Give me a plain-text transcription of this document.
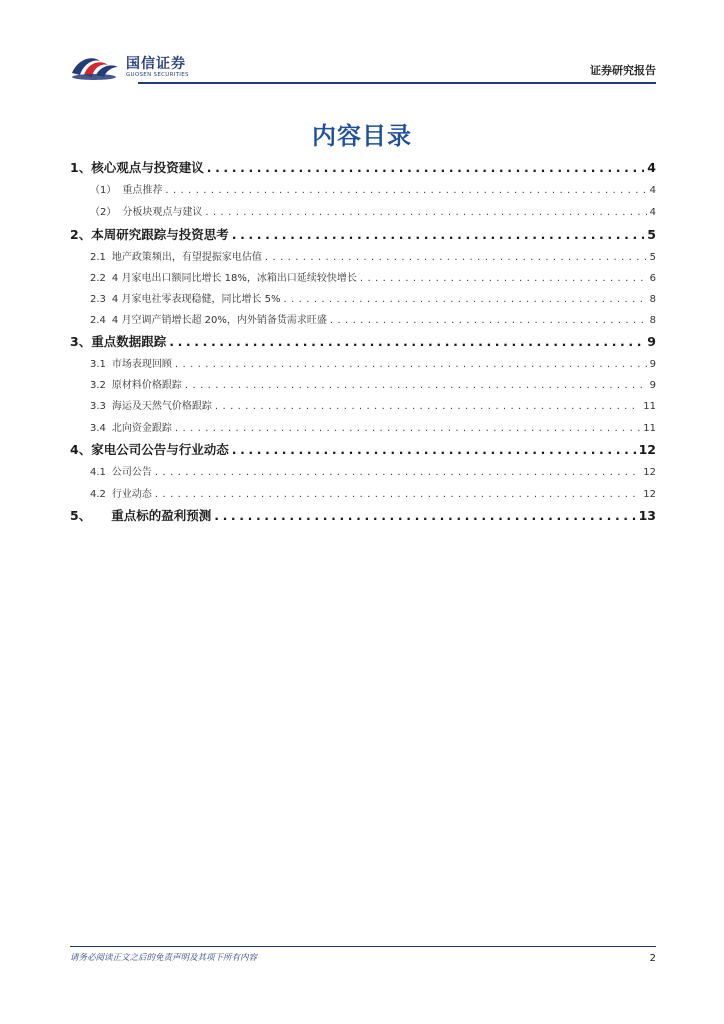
国信证券
GUOSEN SECURITIES	证券研究报告
内容目录
1、 核心观点与投资建议 .....	4
（1） 重点推荐 .....	4
（2） 分板块观点与建议 .....	4
2、 本周研究跟踪与投资思考 .....	5
2.1 地产政策频出，有望提振家电估值 .....	5
2.2 4 月家电出口额同比增长 18%，冰箱出口延续较快增长 .....	6
2.3 4 月家电社零表现稳健，同比增长 5% .....	8
2.4 4 月空调产销增长超 20%，内外销备货需求旺盛 .....	8
3、 重点数据跟踪 .....	9
3.1 市场表现回顾 .....	9
3.2 原材料价格跟踪 .....	9
3.3 海运及天然气价格跟踪 .....	11
3.4 北向资金跟踪 .....	11
4、 家电公司公告与行业动态 .....	12
4.1 公司公告 .....	12
4.2 行业动态 .....	12
5、 重点标的盈利预测 .....	13
请务必阅读正文之后的免责声明及其项下所有内容	2
